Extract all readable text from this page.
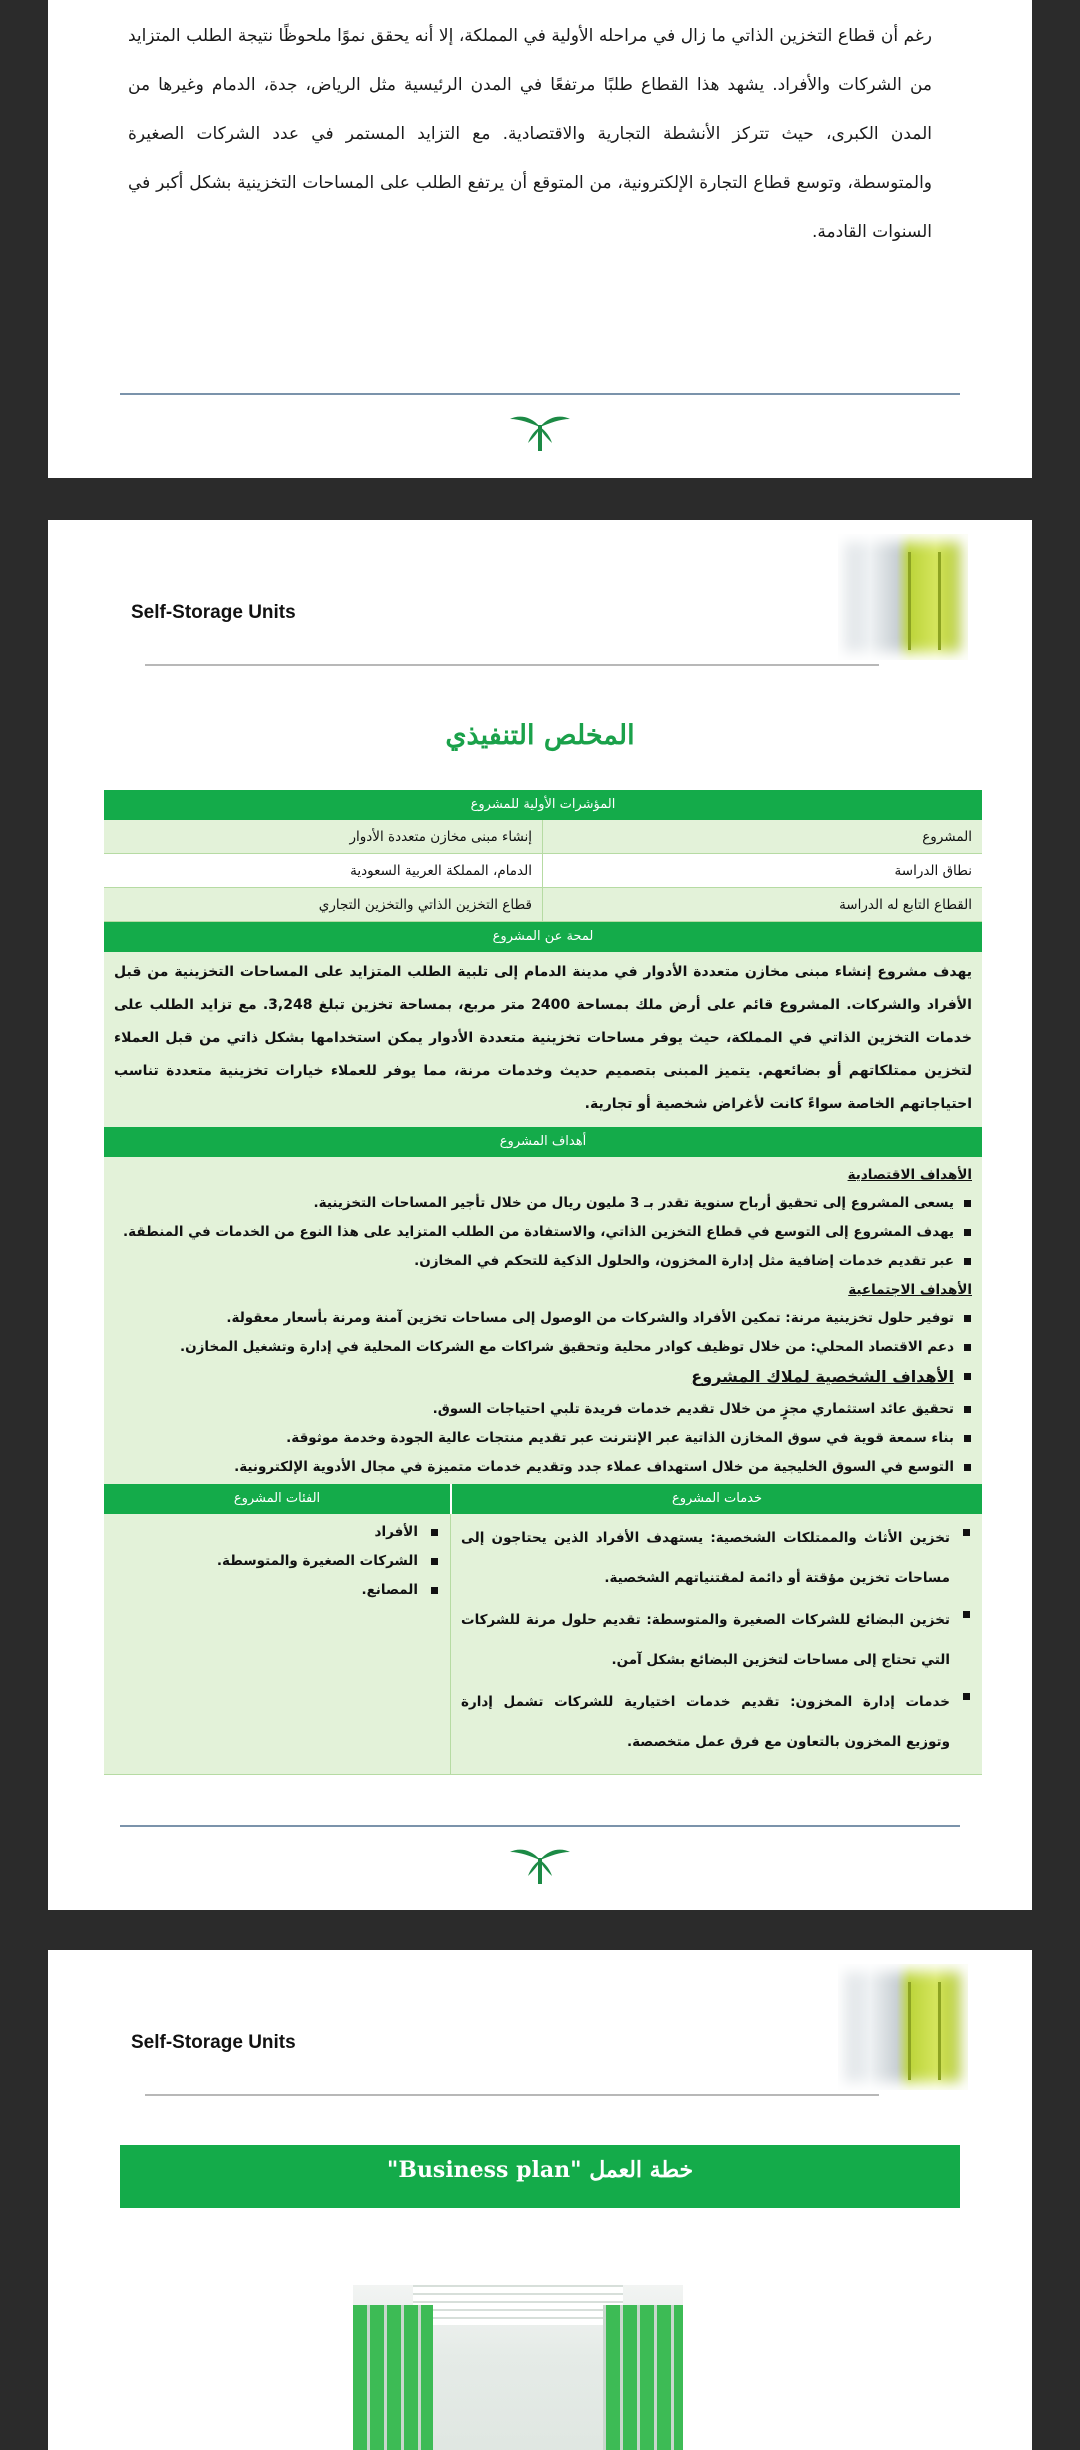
رغم أن قطاع التخزين الذاتي ما زال في مراحله الأولية في المملكة، إلا أنه يحقق نموًا ملحوظًا نتيجة الطلب المتزايد من الشركات والأفراد. يشهد هذا القطاع طلبًا مرتفعًا في المدن الرئيسية مثل الرياض، جدة، الدمام وغيرها من المدن الكبرى، حيث تتركز الأنشطة التجارية والاقتصادية. مع التزايد المستمر في عدد الشركات الصغيرة والمتوسطة، وتوسع قطاع التجارة الإلكترونية، من المتوقع أن يرتفع الطلب على المساحات التخزينية بشكل أكبر في السنوات القادمة.
Self-Storage Units
المخلص التنفيذي
المؤشرات الأولية للمشروع
المشروع
إنشاء مبنى مخازن متعددة الأدوار
نطاق الدراسة
الدمام، المملكة العربية السعودية
القطاع التابع له الدراسة
قطاع التخزين الذاتي والتخزين التجاري
لمحة عن المشروع
يهدف مشروع إنشاء مبنى مخازن متعددة الأدوار في مدينة الدمام إلى تلبية الطلب المتزايد على المساحات التخزينية من قبل الأفراد والشركات. المشروع قائم على أرض ملك بمساحة 2400 متر مربع، بمساحة تخزين تبلغ 3,248. مع تزايد الطلب على خدمات التخزين الذاتي في المملكة، حيث يوفر مساحات تخزينية متعددة الأدوار يمكن استخدامها بشكل ذاتي من قبل العملاء لتخزين ممتلكاتهم أو بضائعهم. يتميز المبنى بتصميم حديث وخدمات مرنة، مما يوفر للعملاء خيارات تخزينية متعددة تناسب احتياجاتهم الخاصة سواءً كانت لأغراض شخصية أو تجارية.
أهداف المشروع
الأهداف الاقتصادية
يسعى المشروع إلى تحقيق أرباح سنوية تقدر بـ 3 مليون ريال من خلال تأجير المساحات التخزينية.
يهدف المشروع إلى التوسع في قطاع التخزين الذاتي، والاستفادة من الطلب المتزايد على هذا النوع من الخدمات في المنطقة.
عبر تقديم خدمات إضافية مثل إدارة المخزون، والحلول الذكية للتحكم في المخازن.
الأهداف الاجتماعية
توفير حلول تخزينية مرنة: تمكين الأفراد والشركات من الوصول إلى مساحات تخزين آمنة ومرنة بأسعار معقولة.
دعم الاقتصاد المحلي: من خلال توظيف كوادر محلية وتحقيق شراكات مع الشركات المحلية في إدارة وتشغيل المخازن.
الأهداف الشخصية لملاك المشروع
تحقيق عائد استثماري مجزٍ من خلال تقديم خدمات فريدة تلبي احتياجات السوق.
بناء سمعة قوية في سوق المخازن الذاتية عبر الإنترنت عبر تقديم منتجات عالية الجودة وخدمة موثوقة.
التوسع في السوق الخليجية من خلال استهداف عملاء جدد وتقديم خدمات متميزة في مجال الأدوية الإلكترونية.
خدمات المشروع
الفئات المشروع
تخزين الأثاث والممتلكات الشخصية: يستهدف الأفراد الذين يحتاجون إلى مساحات تخزين مؤقتة أو دائمة لمقتنياتهم الشخصية.
تخزين البضائع للشركات الصغيرة والمتوسطة: تقديم حلول مرنة للشركات التي تحتاج إلى مساحات لتخزين البضائع بشكل آمن.
خدمات إدارة المخزون: تقديم خدمات اختيارية للشركات تشمل إدارة وتوزيع المخزون بالتعاون مع فرق عمل متخصصة.
الأفراد
الشركات الصغيرة والمتوسطة.
المصانع.
Self-Storage Units
خطة العمل "Business plan"
